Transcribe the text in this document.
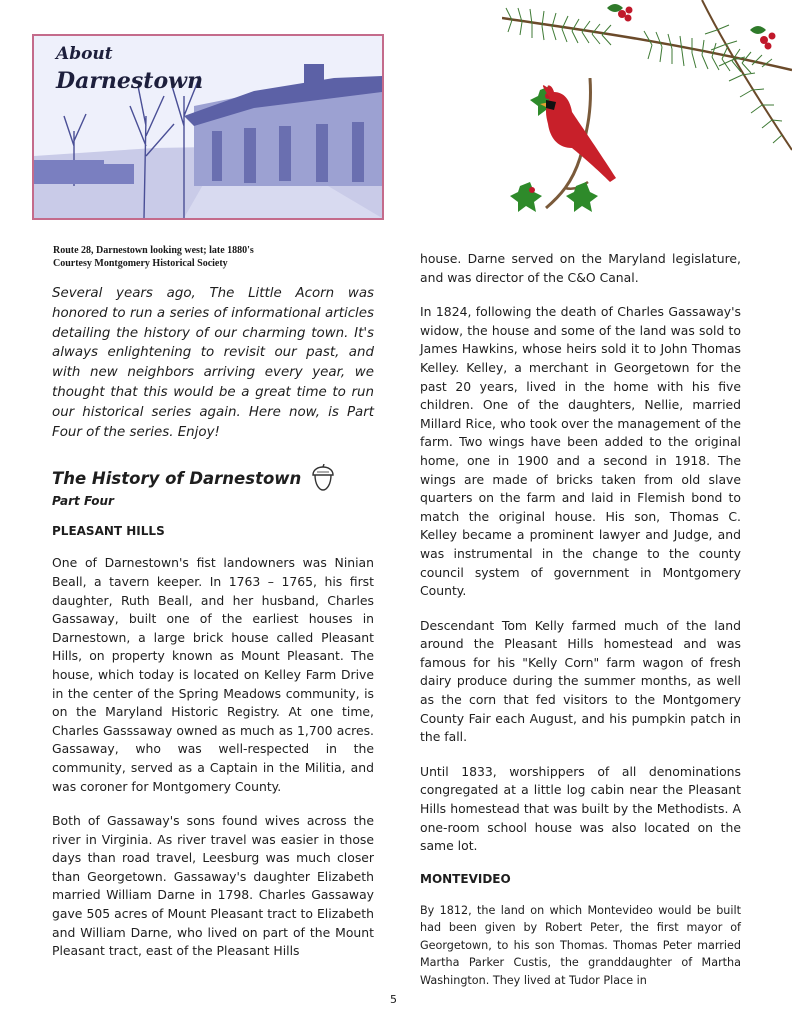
About
Darnestown
Route 28, Darnestown looking west; late 1880's
Courtesy Montgomery Historical Society

Several years ago, The Little Acorn was honored to run a series of informational articles detailing the history of our charming town. It's always enlightening to revisit our past, and with new neighbors arriving every year, we thought that this would be a great time to run our historical series again. Here now, is Part Four of the series. Enjoy!

The History of Darnestown
Part Four
PLEASANT HILLS

One of Darnestown's fist landowners was Ninian Beall, a tavern keeper. In 1763 – 1765, his first daughter, Ruth Beall, and her husband, Charles Gassaway, built one of the earliest houses in Darnestown, a large brick house called Pleasant Hills, on property known as Mount Pleasant. The house, which today is located on Kelley Farm Drive in the center of the Spring Meadows community, is on the Maryland Historic Registry. At one time, Charles Gasssaway owned as much as 1,700 acres. Gassaway, who was well-respected in the community, served as a Captain in the Militia, and was coroner for Montgomery County.

Both of Gassaway's sons found wives across the river in Virginia. As river travel was easier in those days than road travel, Leesburg was much closer than Georgetown. Gassaway's daughter Elizabeth married William Darne in 1798. Charles Gassaway gave 505 acres of Mount Pleasant tract to Elizabeth and William Darne, who lived on part of the Mount Pleasant tract, east of the Pleasant Hills

house. Darne served on the Maryland legislature, and was director of the C&O Canal.

In 1824, following the death of Charles Gassaway's widow, the house and some of the land was sold to James Hawkins, whose heirs sold it to John Thomas Kelley. Kelley, a merchant in Georgetown for the past 20 years, lived in the home with his five children. One of the daughters, Nellie, married Millard Rice, who took over the management of the farm. Two wings have been added to the original home, one in 1900 and a second in 1918. The wings are made of bricks taken from old slave quarters on the farm and laid in Flemish bond to match the original house. His son, Thomas C. Kelley became a prominent lawyer and Judge, and was instrumental in the change to the county council system of government in Montgomery County.

Descendant Tom Kelly farmed much of the land around the Pleasant Hills homestead and was famous for his "Kelly Corn" farm wagon of fresh dairy produce during the summer months, as well as the corn that fed visitors to the Montgomery County Fair each August, and his pumpkin patch in the fall.

Until 1833, worshippers of all denominations congregated at a little log cabin near the Pleasant Hills homestead that was built by the Methodists. A one-room school house was also located on the same lot.

MONTEVIDEO

By 1812, the land on which Montevideo would be built had been given by Robert Peter, the first mayor of Georgetown, to his son Thomas. Thomas Peter married Martha Parker Custis, the granddaughter of Martha Washington. They lived at Tudor Place in

5
